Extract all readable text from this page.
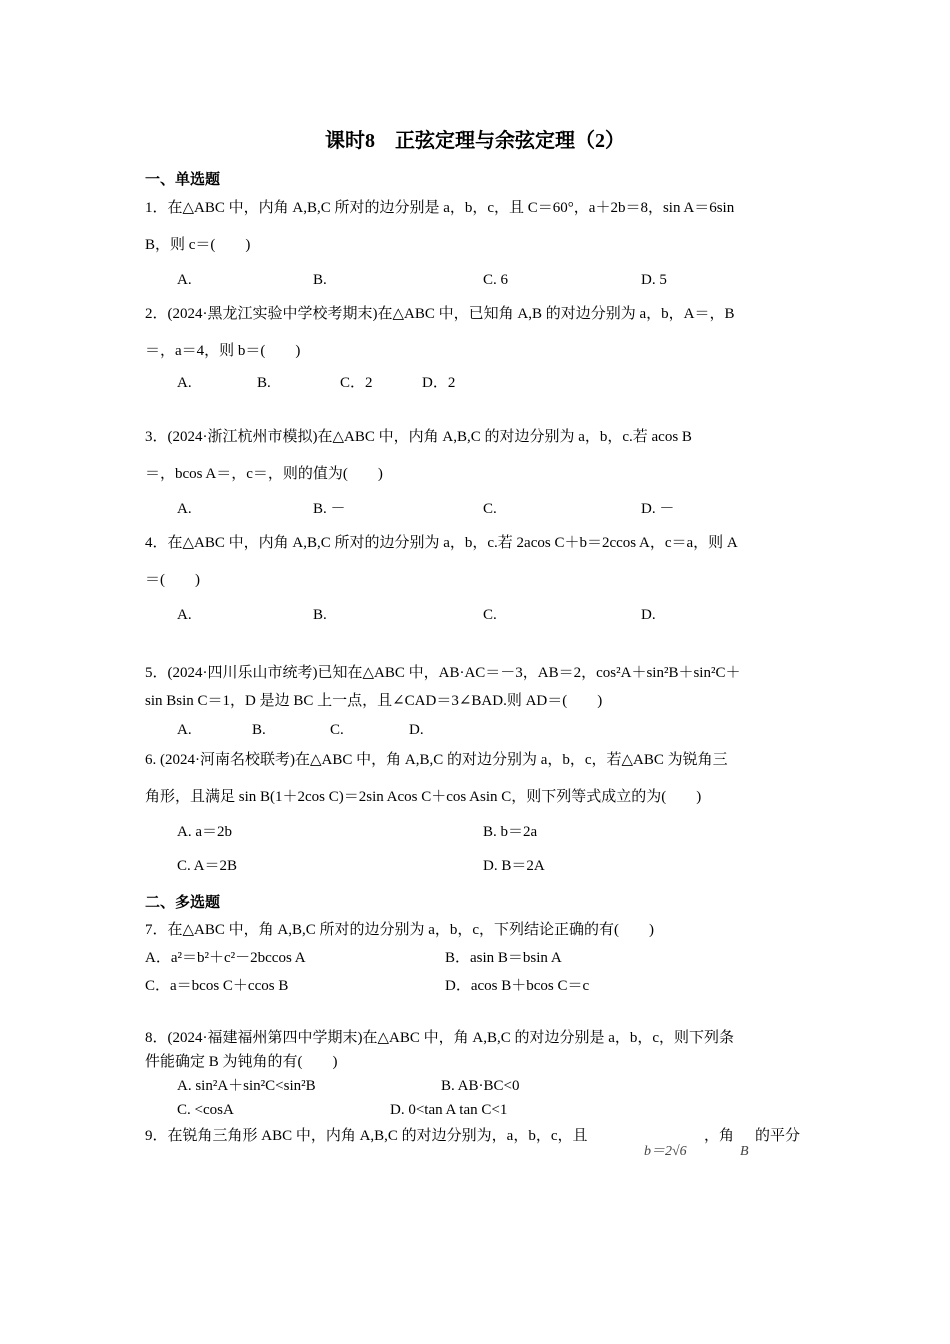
课时8　正弦定理与余弦定理（2）
一、单选题
1．在△ABC 中，内角 A,B,C 所对的边分别是 a，b，c，且 C＝60°，a＋2b＝8，sin A＝6sin
B，则 c＝(　　)
A.	B.	C. 6	D. 5
2．(2024·黑龙江实验中学校考期末)在△ABC 中，已知角 A,B 的对边分别为 a，b，A＝，B
＝，a＝4，则 b＝(　　)
A.	B.	C．2	D．2
3．(2024·浙江杭州市模拟)在△ABC 中，内角 A,B,C 的对边分别为 a，b，c.若 acos B
＝，bcos A＝，c＝，则的值为(　　)
A.	B. －	C.	D. －
4．在△ABC 中，内角 A,B,C 所对的边分别为 a，b，c.若 2acos C＋b＝2ccos A，c＝a，则 A
＝(　　)
A.	B.	C.	D.
5．(2024·四川乐山市统考)已知在△ABC 中，AB·AC＝－3，AB＝2，cos²A＋sin²B＋sin²C＋
sin Bsin C＝1，D 是边 BC 上一点，且∠CAD＝3∠BAD.则 AD＝(　　)
A.	B.	C.	D.
6. (2024·河南名校联考)在△ABC 中，角 A,B,C 的对边分别为 a，b，c，若△ABC 为锐角三
角形，且满足 sin B(1＋2cos C)＝2sin Acos C＋cos Asin C，则下列等式成立的为(　　)
A. a＝2b	B. b＝2a
C. A＝2B	D. B＝2A
二、多选题
7．在△ABC 中，角 A,B,C 所对的边分别为 a，b，c，下列结论正确的有(　　)
A．a²＝b²＋c²－2bccos A	B．asin B＝bsin A
C．a＝bcos C＋ccos B	D．acos B＋bcos C＝c
8．(2024·福建福州第四中学期末)在△ABC 中，角 A,B,C 的对边分别是 a，b，c，则下列条
件能确定 B 为钝角的有(　　)
A. sin²A＋sin²C<sin²B	B. AB·BC<0
C. <cosA	D. 0<tan A tan C<1
9．在锐角三角形 ABC 中，内角 A,B,C 的对边分别为，a，b，c，且
b＝2√6
，角
B
的平分
